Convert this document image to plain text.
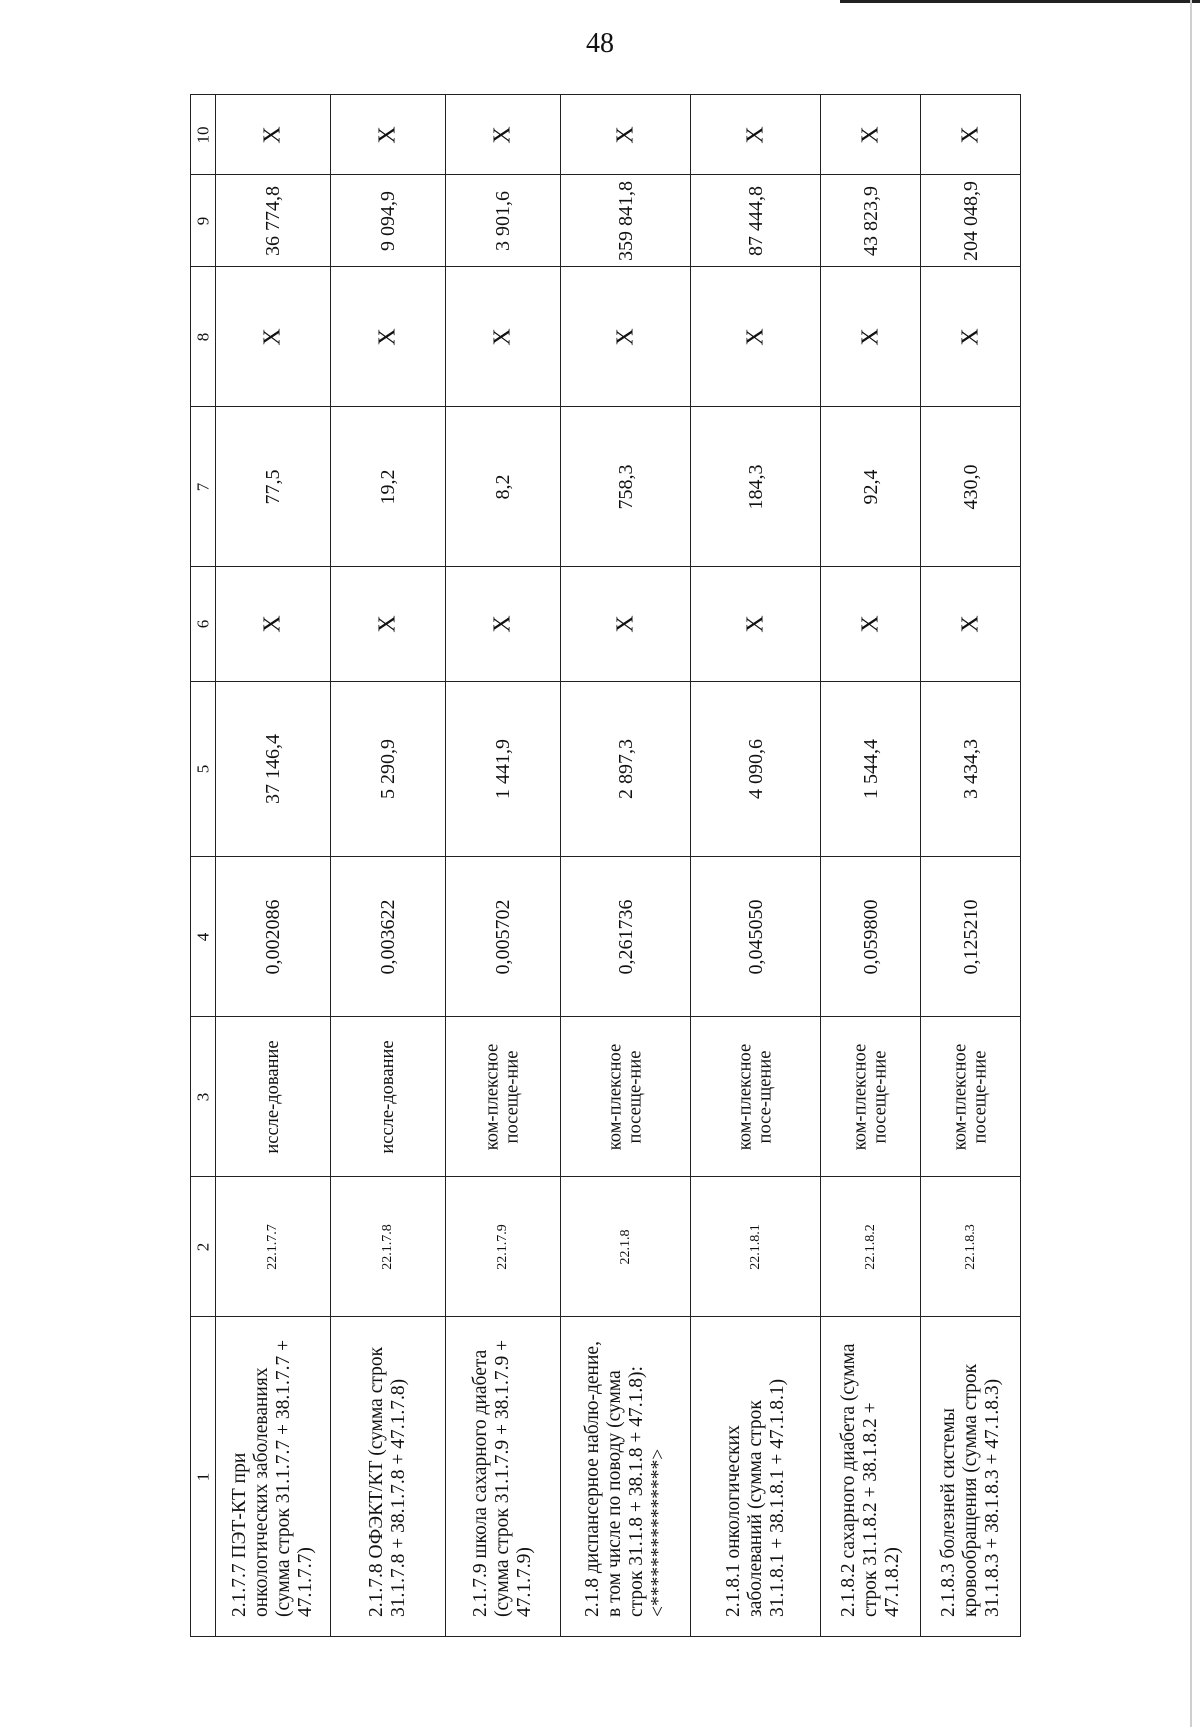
48
10	X	X	X	X	X	X	X

9	36 774,8	9 094,9	3 901,6	359 841,8	87 444,8	43 823,9	204 048,9

8	X	X	X	X	X	X	X

7	77,5	19,2	8,2	758,3	184,3	92,4	430,0

6	X	X	X	X	X	X	X

5	37 146,4	5 290,9	1 441,9	2 897,3	4 090,6	1 544,4	3 434,3

4	0,002086	0,003622	0,005702	0,261736	0,045050	0,059800	0,125210

3	иссле-дование	иссле-дование	ком-плексное посеще-ние	ком-плексное посеще-ние	ком-плексное посе-щение	ком-плексное посеще-ние	ком-плексное посеще-ние

2	22.1.7.7	22.1.7.8	22.1.7.9	22.1.8	22.1.8.1	22.1.8.2	22.1.8.3

1	2.1.7.7 ПЭТ-КТ при онкологических заболеваниях (сумма строк 31.1.7.7 + 38.1.7.7 + 47.1.7.7)	2.1.7.8 ОФЭКТ/КТ (сумма строк 31.1.7.8 + 38.1.7.8 + 47.1.7.8)	2.1.7.9 школа сахарного диабета (сумма строк 31.1.7.9 + 38.1.7.9 + 47.1.7.9)	2.1.8 диспансерное наблю-дение, в том числе по поводу (сумма строк 31.1.8 + 38.1.8 + 47.1.8): <***************>	2.1.8.1 онкологических заболеваний (сумма строк 31.1.8.1 + 38.1.8.1 + 47.1.8.1)	2.1.8.2 сахарного диабета (сумма строк 31.1.8.2 + 38.1.8.2 + 47.1.8.2)	2.1.8.3 болезней системы кровообращения (сумма строк 31.1.8.3 + 38.1.8.3 + 47.1.8.3)
